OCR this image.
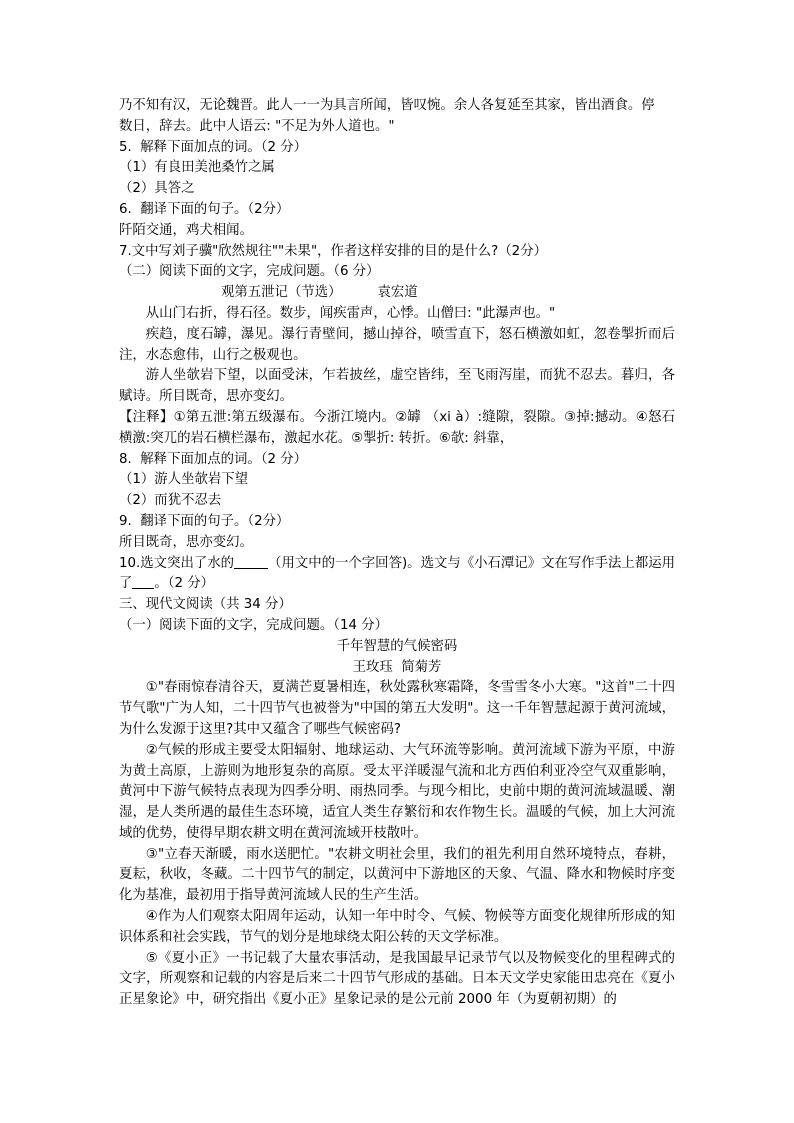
乃不知有汉，无论魏晋。此人一一为具言所闻，皆叹惋。余人各复延至其家，皆出酒食。停

数日，辞去。此中人语云: "不足为外人道也。"

5.  解释下面加点的词。（2 分）

（1）有良田美池桑竹之属

（2）具答之

6.  翻译下面的句子。（2分）

阡陌交通，鸡犬相闻。

7.文中写刘子骥"欣然规往""未果"，作者这样安排的目的是什么?（2分）

（二）阅读下面的文字，完成问题。（6 分）

观第五泄记（节选）	袁宏道

从山门右折，得石径。数步，闻疾雷声，心悸。山僧曰: "此瀑声也。"

疾趋，度石罅，瀑见。瀑行青壁间，撼山掉谷，喷雪直下，怒石横激如虹，忽卷掣折而后注，水态愈伟，山行之极观也。

游人坐欹岩下望，以面受沫，乍若披丝，虚空皆纬，至飞雨泻崖，而犹不忍去。暮归，各赋诗。所目既奇，思亦变幻。

【注释】①第五泄:第五级瀑布。今浙江境内。②罅 （xi à）:缝隙，裂隙。③掉:撼动。④怒石横激:突兀的岩石横栏瀑布，激起水花。⑤掣折: 转折。⑥欹: 斜靠，

8.  解释下面加点的词。（2 分）

（1）游人坐欹岩下望

（2）而犹不忍去

9.  翻译下面的句子。（2分）

所目既奇，思亦变幻。

10.选文突出了水的	（用文中的一个字回答)。选文与《小石潭记》文在写作手法上都运用了 。（2 分）

三、现代文阅读（共 34 分）

（一）阅读下面的文字，完成问题。（14 分）

千年智慧的气候密码

王玫珏  简菊芳

①"春雨惊春清谷天，夏满芒夏暑相连，秋处露秋寒霜降，冬雪雪冬小大寒。"这首"二十四节气歌"广为人知，二十四节气也被誉为"中国的第五大发明"。这一千年智慧起源于黄河流域，为什么发源于这里?其中又蕴含了哪些气候密码?

②气候的形成主要受太阳辐射、地球运动、大气环流等影响。黄河流域下游为平原，中游为黄土高原，上游则为地形复杂的高原。受太平洋暖湿气流和北方西伯利亚冷空气双重影响，黄河中下游气候特点表现为四季分明、雨热同季。与现今相比，史前中期的黄河流域温暖、潮湿，是人类所遇的最佳生态环境，适宜人类生存繁衍和农作物生长。温暖的气候，加上大河流域的优势，使得早期农耕文明在黄河流域开枝散叶。

③"立春天渐暖，雨水送肥忙。"农耕文明社会里，我们的祖先利用自然环境特点，春耕，夏耘，秋收，冬藏。二十四节气的制定，以黄河中下游地区的天象、气温、降水和物候时序变化为基准，最初用于指导黄河流域人民的生产生活。

④作为人们观察太阳周年运动，认知一年中时令、气候、物候等方面变化规律所形成的知识体系和社会实践，节气的划分是地球绕太阳公转的天文学标准。

⑤《夏小正》一书记载了大量农事活动，是我国最早记录节气以及物候变化的里程碑式的文字，所观察和记载的内容是后来二十四节气形成的基础。日本天文学史家能田忠亮在《夏小正星象论》中，研究指出《夏小正》星象记录的是公元前 2000 年（为夏朝初期）的
